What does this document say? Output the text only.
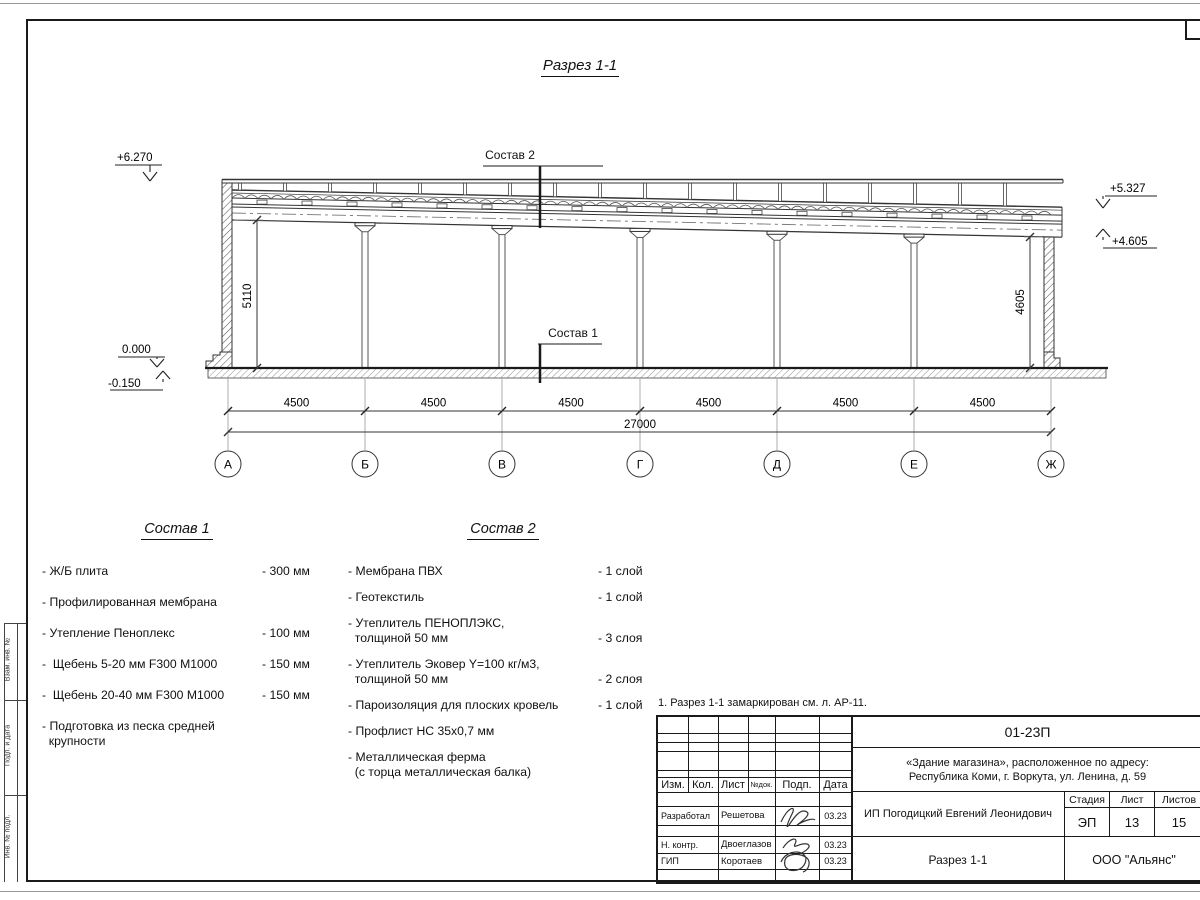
Взам. инв. №
Подп. и дата
Инв. № подл.
Разрез 1-1
А	Б	В	Г	Д	Е	Ж
4500	4500	4500	4500	4500	4500
5110	4605
27000
+6.270
0.000
-0.150
+5.327
+4.605
Состав 2
Состав 1
Состав 1
- Ж/Б плита	- 300 мм
- Профилированная мембрана
- Утепление Пеноплекс	- 100 мм
-  Щебень 5-20 мм F300 М1000	- 150 мм
-  Щебень 20-40 мм F300 М1000	- 150 мм
- Подготовка из песка средней
крупности
Состав 2
- Мембрана ПВХ	- 1 слой
- Геотекстиль	- 1 слой
- Утеплитель ПЕНОПЛЭКС,
толщиной 50 мм	- 3 слоя
- Утеплитель Эковер Y=100 кг/м3,
толщиной 50 мм	- 2 слоя
- Пароизоляция для плоских кровель	- 1 слой
- Профлист НС 35х0,7 мм
- Металлическая ферма
(с торца металлическая балка)
1. Разрез 1-1 замаркирован см. л. АР-11.
Изм. Кол. Лист №док. Подп.	Дата
Разработал	Решетова	03.23
Н. контр.	Двоеглазов	03.23
ГИП	Коротаев	03.23
01-23П
«Здание магазина», расположенное по адресу:
Республика Коми, г. Воркута, ул. Ленина, д. 59
ИП Погодицкий Евгений Леонидович
Стадия	Лист	Листов
ЭП	13	15
Разрез 1-1	ООО "Альянс"
